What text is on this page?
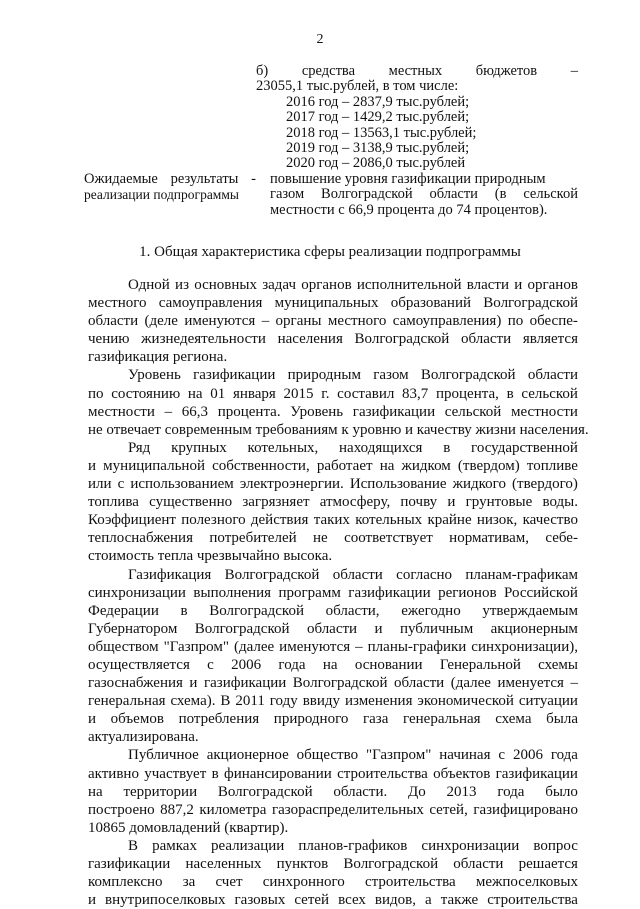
2
б) средства местных бюджетов –
23055,1 тыс.рублей, в том числе:
2016 год – 2837,9 тыс.рублей;
2017 год – 1429,2 тыс.рублей;
2018 год – 13563,1 тыс.рублей;
2019 год – 3138,9 тыс.рублей;
2020 год – 2086,0 тыс.рублей
Ожидаемые результаты -
реализации подпрограммы
повышение уровня газификации природным
газом Волгоградской области (в сельской
местности с 66,9 процента до 74 процентов).
1. Общая характеристика сферы реализации подпрограммы
Одной из основных задач органов исполнительной власти и органов
местного самоуправления муниципальных образований Волгоградской
области (деле именуются – органы местного самоуправления) по обеспе-
чению жизнедеятельности населения Волгоградской области является
газификация региона.
Уровень газификации природным газом Волгоградской области
по состоянию на 01 января 2015 г. составил 83,7 процента, в сельской
местности – 66,3 процента. Уровень газификации сельской местности
не отвечает современным требованиям к уровню и качеству жизни населения.
Ряд крупных котельных, находящихся в государственной
и муниципальной собственности, работает на жидком (твердом) топливе
или с использованием электроэнергии. Использование жидкого (твердого)
топлива существенно загрязняет атмосферу, почву и грунтовые воды.
Коэффициент полезного действия таких котельных крайне низок, качество
теплоснабжения потребителей не соответствует нормативам, себе-
стоимость тепла чрезвычайно высока.
Газификация Волгоградской области согласно планам-графикам
синхронизации выполнения программ газификации регионов Российской
Федерации в Волгоградской области, ежегодно утверждаемым
Губернатором Волгоградской области и публичным акционерным
обществом "Газпром" (далее именуются – планы-графики синхронизации),
осуществляется с 2006 года на основании Генеральной схемы
газоснабжения и газификации Волгоградской области (далее именуется –
генеральная схема). В 2011 году ввиду изменения экономической ситуации
и объемов потребления природного газа генеральная схема была
актуализирована.
Публичное акционерное общество "Газпром" начиная с 2006 года
активно участвует в финансировании строительства объектов газификации
на территории Волгоградской области. До 2013 года было
построено 887,2 километра газораспределительных сетей, газифицировано
10865 домовладений (квартир).
В рамках реализации планов-графиков синхронизации вопрос
газификации населенных пунктов Волгоградской области решается
комплексно за счет синхронного строительства межпоселковых
и внутрипоселковых газовых сетей всех видов, а также строительства
